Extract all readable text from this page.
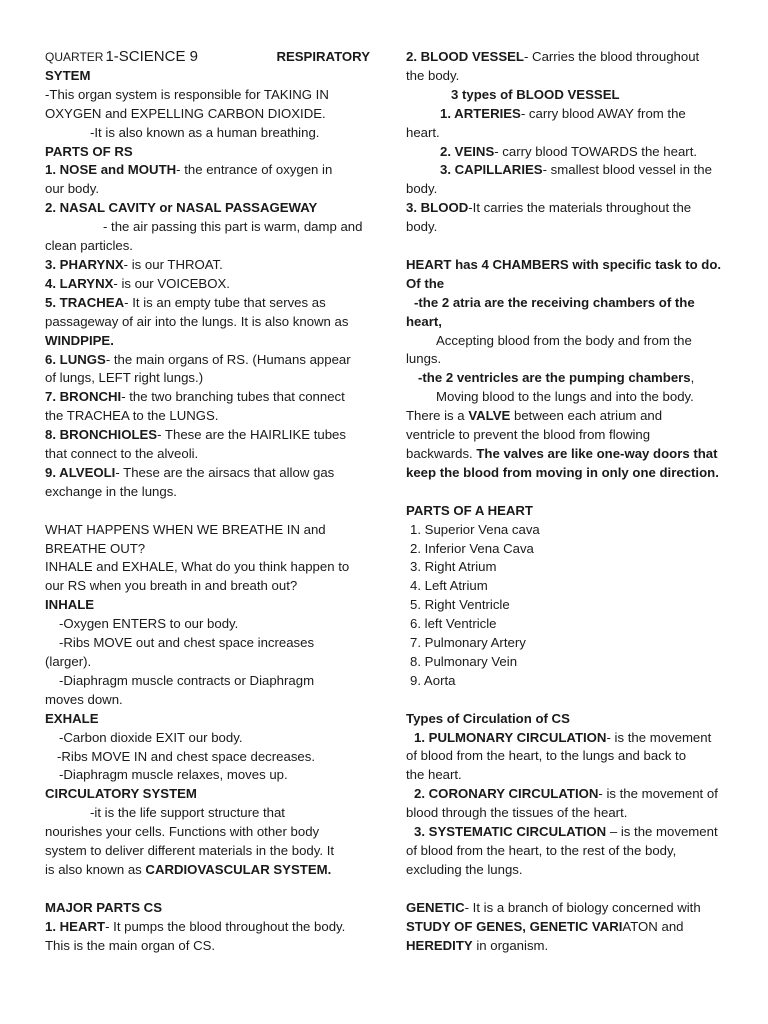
QUARTER 1-SCIENCE 9	RESPIRATORY

SYTEM

-This organ system is responsible for TAKING IN

OXYGEN and EXPELLING CARBON DIOXIDE.

-It is also known as a human breathing.

PARTS OF RS

1. NOSE and MOUTH- the entrance of oxygen in

our body.

2. NASAL CAVITY or NASAL PASSAGEWAY

- the air passing this part is warm, damp and

clean particles.

3. PHARYNX- is our THROAT.

4. LARYNX- is our VOICEBOX.

5. TRACHEA- It is an empty tube that serves as

passageway of air into the lungs. It is also known as

WINDPIPE.

6. LUNGS- the main organs of RS. (Humans appear

of lungs, LEFT right lungs.)

7. BRONCHI- the two branching tubes that connect

the TRACHEA to the LUNGS.

8. BRONCHIOLES- These are the HAIRLIKE tubes

that connect to the alveoli.

9. ALVEOLI- These are the airsacs that allow gas

exchange in the lungs.

WHAT HAPPENS WHEN WE BREATHE IN and

BREATHE OUT?

INHALE and EXHALE, What do you think happen to

our RS when you breath in and breath out?

INHALE

-Oxygen ENTERS to our body.

-Ribs MOVE out and chest space increases

(larger).

-Diaphragm muscle contracts or Diaphragm

moves down.

EXHALE

-Carbon dioxide EXIT our body.

-Ribs MOVE IN and chest space decreases.

-Diaphragm muscle relaxes, moves up.

CIRCULATORY SYSTEM

-it is the life support structure that

nourishes your cells. Functions with other body

system to deliver different materials in the body. It

is also known as CARDIOVASCULAR SYSTEM.

MAJOR PARTS CS

1. HEART- It pumps the blood throughout the body.

This is the main organ of CS.

2. BLOOD VESSEL- Carries the blood throughout

the body.

3 types of BLOOD VESSEL

1. ARTERIES- carry blood AWAY from the

heart.

2. VEINS- carry blood TOWARDS the heart.

3. CAPILLARIES- smallest blood vessel in the

body.

3. BLOOD-It carries the materials throughout the

body.

HEART has 4 CHAMBERS with specific task to do.

Of the

-the 2 atria are the receiving chambers of the

heart,

Accepting blood from the body and from the

lungs.

-the 2 ventricles are the pumping chambers,

Moving blood to the lungs and into the body.

There is a VALVE between each atrium and

ventricle to prevent the blood from flowing

backwards. The valves are like one-way doors that

keep the blood from moving in only one direction.

PARTS OF A HEART

1. Superior Vena cava

2. Inferior Vena Cava

3. Right Atrium

4. Left Atrium

5. Right Ventricle

6. left Ventricle

7. Pulmonary Artery

8. Pulmonary Vein

9. Aorta

Types of Circulation of CS

1. PULMONARY CIRCULATION- is the movement

of blood from the heart, to the lungs and back to

the heart.

2. CORONARY CIRCULATION- is the movement of

blood through the tissues of the heart.

3. SYSTEMATIC CIRCULATION – is the movement

of blood from the heart, to the rest of the body,

excluding the lungs.

GENETIC- It is a branch of biology concerned with

STUDY OF GENES, GENETIC VARIATON and

HEREDITY in organism.
